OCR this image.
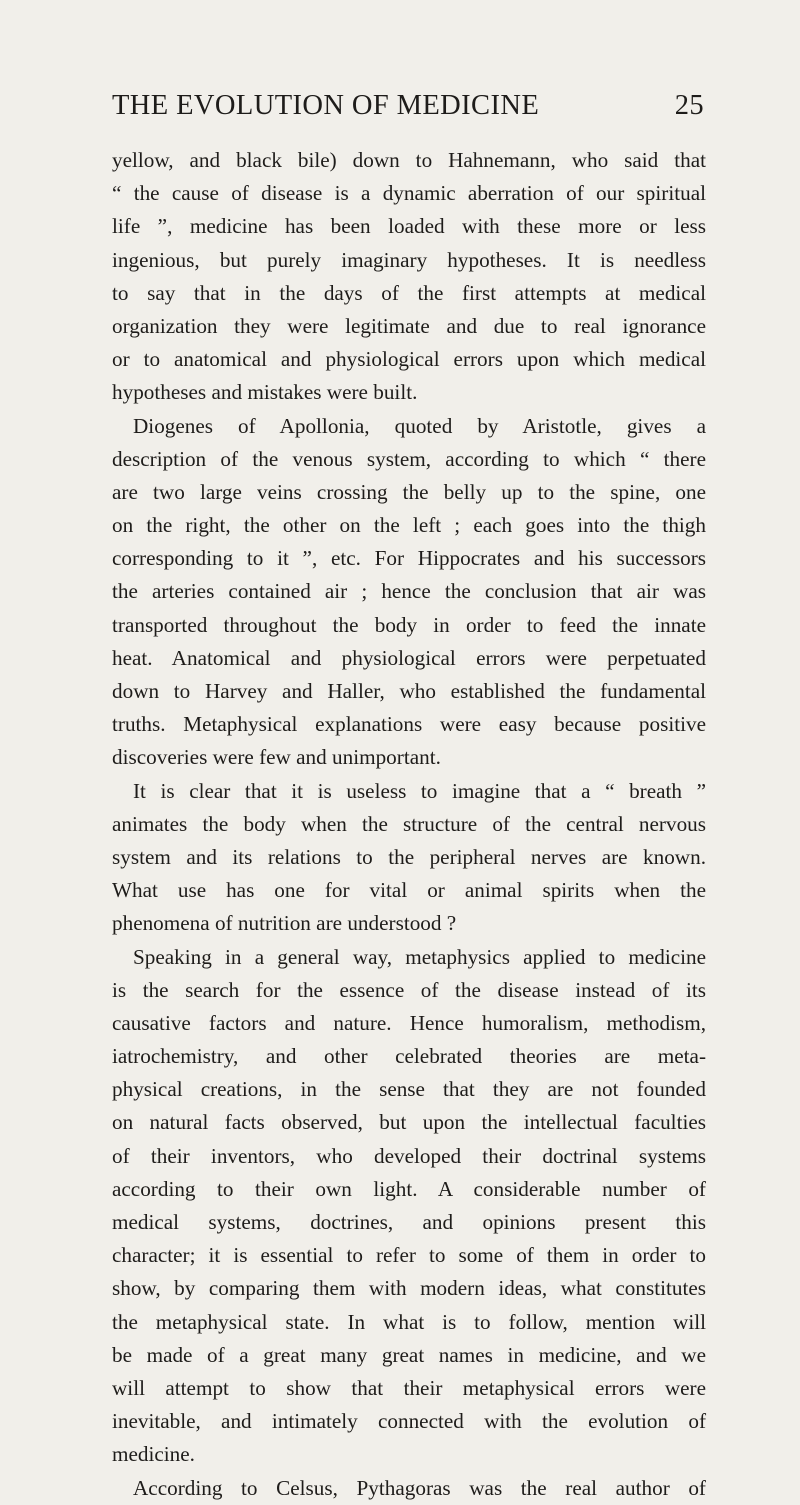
THE EVOLUTION OF MEDICINE	25
yellow, and black bile) down to Hahnemann, who said that
“ the cause of disease is a dynamic aberration of our spiritual
life ”, medicine has been loaded with these more or less
ingenious, but purely imaginary hypotheses. It is needless
to say that in the days of the first attempts at medical
organization they were legitimate and due to real ignorance
or to anatomical and physiological errors upon which medical
hypotheses and mistakes were built.
Diogenes of Apollonia, quoted by Aristotle, gives a
description of the venous system, according to which “ there
are two large veins crossing the belly up to the spine, one
on the right, the other on the left ; each goes into the thigh
corresponding to it ”, etc. For Hippocrates and his successors
the arteries contained air ; hence the conclusion that air was
transported throughout the body in order to feed the innate
heat. Anatomical and physiological errors were perpetuated
down to Harvey and Haller, who established the fundamental
truths. Metaphysical explanations were easy because positive
discoveries were few and unimportant.
It is clear that it is useless to imagine that a “ breath ”
animates the body when the structure of the central nervous
system and its relations to the peripheral nerves are known.
What use has one for vital or animal spirits when the
phenomena of nutrition are understood ?
Speaking in a general way, metaphysics applied to medicine
is the search for the essence of the disease instead of its
causative factors and nature. Hence humoralism, methodism,
iatrochemistry, and other celebrated theories are meta-
physical creations, in the sense that they are not founded
on natural facts observed, but upon the intellectual faculties
of their inventors, who developed their doctrinal systems
according to their own light. A considerable number of
medical systems, doctrines, and opinions present this
character; it is essential to refer to some of them in order to
show, by comparing them with modern ideas, what constitutes
the metaphysical state. In what is to follow, mention will
be made of a great many great names in medicine, and we
will attempt to show that their metaphysical errors were
inevitable, and intimately connected with the evolution of
medicine.
According to Celsus, Pythagoras was the real author of
